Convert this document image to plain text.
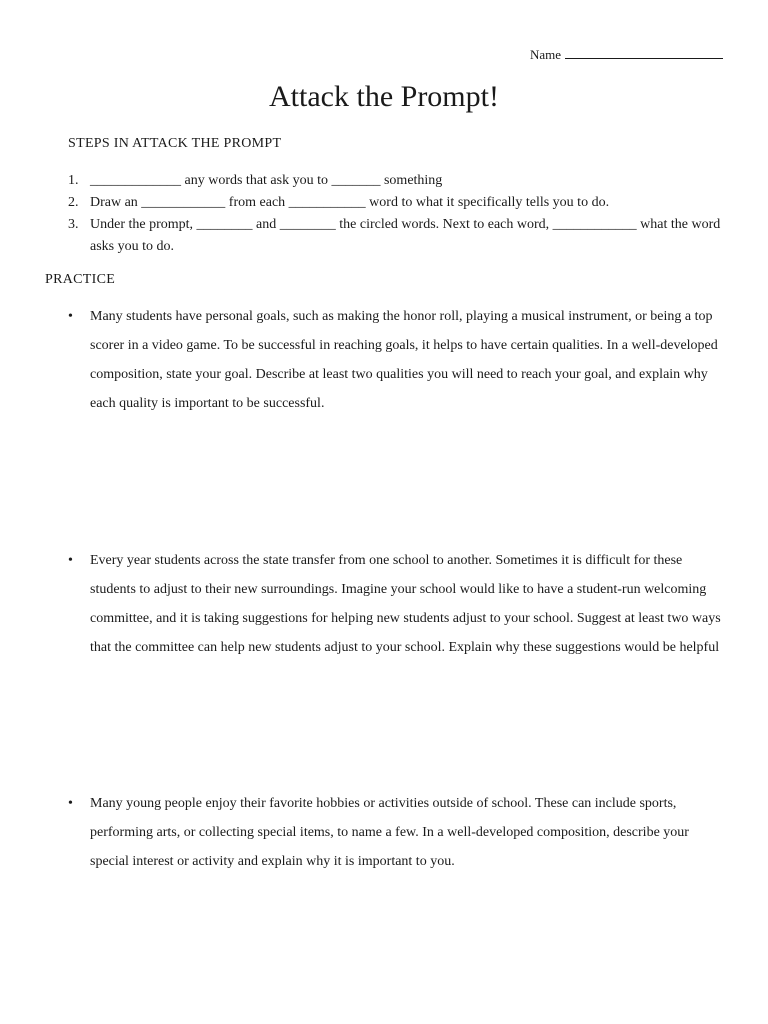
Name
Attack the Prompt!
STEPS IN ATTACK THE PROMPT
1. _____________ any words that ask you to _______ something
2. Draw an ____________ from each ___________ word to what it specifically tells you to do.
3. Under the prompt, ________ and ________ the circled words. Next to each word, ____________ what the word asks you to do.
PRACTICE
• Many students have personal goals, such as making the honor roll, playing a musical instrument, or being a top scorer in a video game. To be successful in reaching goals, it helps to have certain qualities. In a well-developed composition, state your goal. Describe at least two qualities you will need to reach your goal, and explain why each quality is important to be successful.
• Every year students across the state transfer from one school to another. Sometimes it is difficult for these students to adjust to their new surroundings. Imagine your school would like to have a student-run welcoming committee, and it is taking suggestions for helping new students adjust to your school. Suggest at least two ways that the committee can help new students adjust to your school. Explain why these suggestions would be helpful
• Many young people enjoy their favorite hobbies or activities outside of school. These can include sports, performing arts, or collecting special items, to name a few. In a well-developed composition, describe your special interest or activity and explain why it is important to you.
